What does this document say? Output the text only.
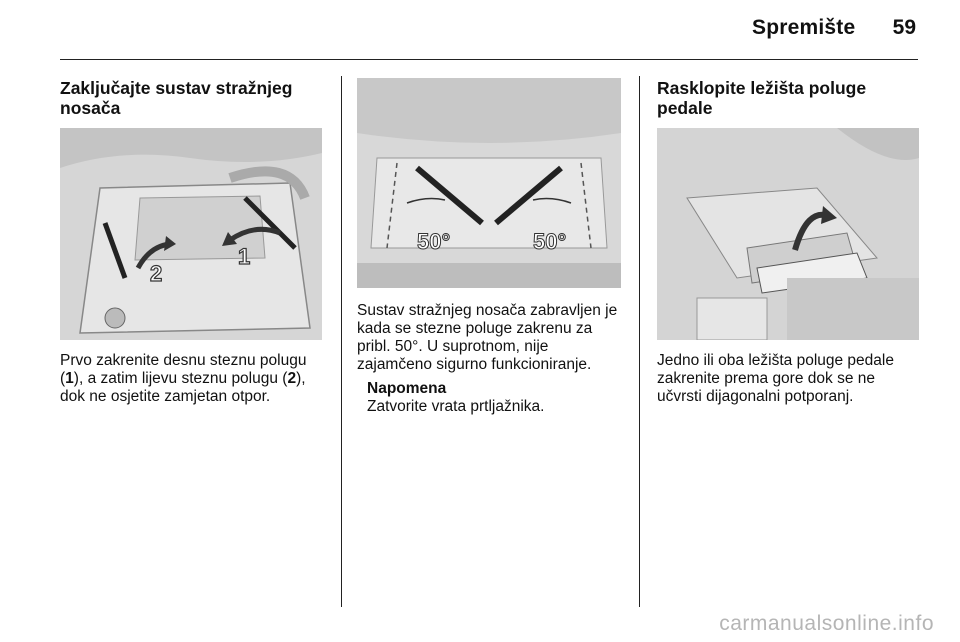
Spremište 59
Zaključajte sustav stražnjeg nosača
1
2

Prvo zakrenite desnu steznu polugu (1), a zatim lijevu steznu polugu (2), dok ne osjetite zamjetan otpor.

50°	50°

Sustav stražnjeg nosača zabravljen je kada se stezne poluge zakrenu za pribl. 50°. U suprotnom, nije zajamčeno sigurno funkcioniranje.

Napomena

Zatvorite vrata prtljažnika.

Rasklopite ležišta poluge pedale

Jedno ili oba ležišta poluge pedale zakrenite prema gore dok se ne učvrsti dijagonalni potporanj.

carmanualsonline.info
